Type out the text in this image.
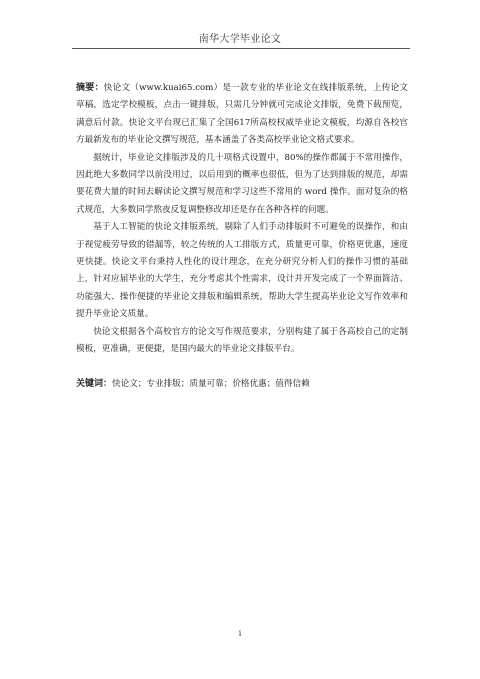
南华大学毕业论文

摘要：快论文（www.kuai65.com）是一款专业的毕业论文在线排版系统，上传论文草稿，选定学校模板，点击一键排版，只需几分钟就可完成论文排版，免费下载预览，满意后付款。快论文平台现已汇集了全国617所高校权威毕业论文模板，均源自各校官方最新发布的毕业论文撰写规范，基本涵盖了各类高校毕业论文格式要求。

据统计，毕业论文排版涉及的几十项格式设置中，80%的操作都属于不常用操作，因此绝大多数同学以前没用过，以后用到的概率也很低，但为了达到排版的规范，却需要花费大量的时间去解读论文撰写规范和学习这些不常用的 word 操作。面对复杂的格式规范，大多数同学熬夜反复调整修改却还是存在各种各样的问题。

基于人工智能的快论文排版系统，剔除了人们手动排版时不可避免的误操作，和由于视觉疲劳导致的错漏等，较之传统的人工排版方式，质量更可靠，价格更优惠，速度更快捷。快论文平台秉持人性化的设计理念，在充分研究分析人们的操作习惯的基础上，针对应届毕业的大学生，充分考虑其个性需求，设计并开发完成了一个界面简洁、功能强大、操作便捷的毕业论文排版和编辑系统，帮助大学生提高毕业论文写作效率和提升毕业论文质量。

快论文根据各个高校官方的论文写作规范要求，分别构建了属于各高校自己的定制模板，更准确，更便捷，是国内最大的毕业论文排版平台。

关键词：快论文；专业排版；质量可靠；价格优惠；值得信赖

i
